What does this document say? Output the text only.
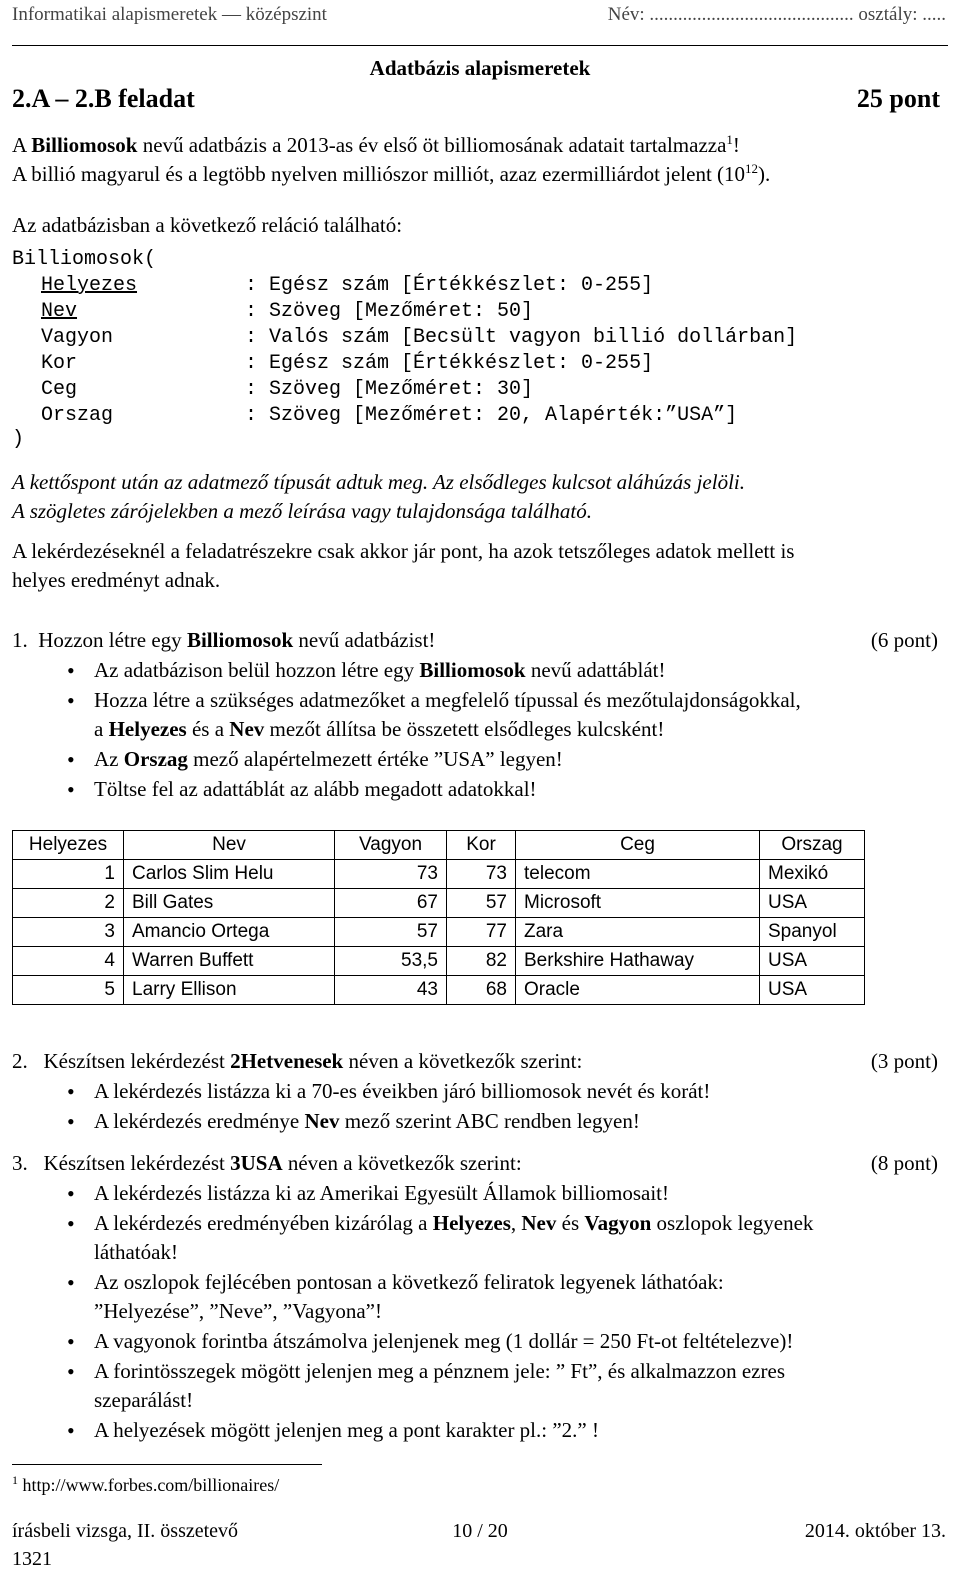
Informatikai alapismeretek — középszint	Név: ........................................... osztály: .....
Adatbázis alapismeretek
2.A – 2.B feladat	25 pont
A Billiomosok nevű adatbázis a 2013-as év első öt billiomosának adatait tartalmazza$^1$!
A billió magyarul és a legtöbb nyelven milliószor milliót, azaz ezermilliárdot jelent $(10^{12})$.
Az adatbázisban a következő reláció található:
Billiomosok(
Helyezes	: Egész szám [Értékkészlet: 0-255]
Nev	: Szöveg [Mezőméret: 50]
Vagyon	: Valós szám [Becsült vagyon billió dollárban]
Kor	: Egész szám [Értékkészlet: 0-255]
Ceg	: Szöveg [Mezőméret: 30]
Orszag	: Szöveg [Mezőméret: 20, Alapérték:”USA”]
)
A kettőspont után az adatmező típusát adtuk meg. Az elsődleges kulcsot aláhúzás jelöli.
A szögletes zárójelekben a mező leírása vagy tulajdonsága található.
A lekérdezéseknél a feladatrészekre csak akkor jár pont, ha azok tetszőleges adatok mellett is
helyes eredményt adnak.
1. Hozzon létre egy Billiomosok nevű adatbázist!	(6 pont)
• Az adatbázison belül hozzon létre egy Billiomosok nevű adattáblát!
• Hozza létre a szükséges adatmezőket a megfelelő típussal és mezőtulajdonságokkal,
a Helyezes és a Nev mezőt állítsa be összetett elsődleges kulcsként!
• Az Orszag mező alapértelmezett értéke ”USA” legyen!
• Töltse fel az adattáblát az alább megadott adatokkal!
Helyezes	Nev	Vagyon	Kor	Ceg	Orszag
1	Carlos Slim Helu	73	73	telecom	Mexikó
2	Bill Gates	67	57	Microsoft	USA
3	Amancio Ortega	57	77	Zara	Spanyol
4	Warren Buffett	53,5	82	Berkshire Hathaway	USA
5	Larry Ellison	43	68	Oracle	USA
2. Készítsen lekérdezést 2Hetvenesek néven a következők szerint:	(3 pont)
• A lekérdezés listázza ki a 70-es éveikben járó billiomosok nevét és korát!
• A lekérdezés eredménye Nev mező szerint ABC rendben legyen!
3. Készítsen lekérdezést 3USA néven a következők szerint:	(8 pont)
• A lekérdezés listázza ki az Amerikai Egyesült Államok billiomosait!
• A lekérdezés eredményében kizárólag a Helyezes, Nev és Vagyon oszlopok legyenek
láthatóak!
• Az oszlopok fejlécében pontosan a következő feliratok legyenek láthatóak:
”Helyezése”, ”Neve”, ”Vagyona”!
• A vagyonok forintba átszámolva jelenjenek meg (1 dollár = 250 Ft-ot feltételezve)!
• A forintösszegek mögött jelenjen meg a pénznem jele: ” Ft”, és alkalmazzon ezres
szeparálást!
• A helyezések mögött jelenjen meg a pont karakter pl.: ”2.” !
$^1$ http://www.forbes.com/billionaires/
írásbeli vizsga, II. összetevő
1321
10 / 20	2014. október 13.
